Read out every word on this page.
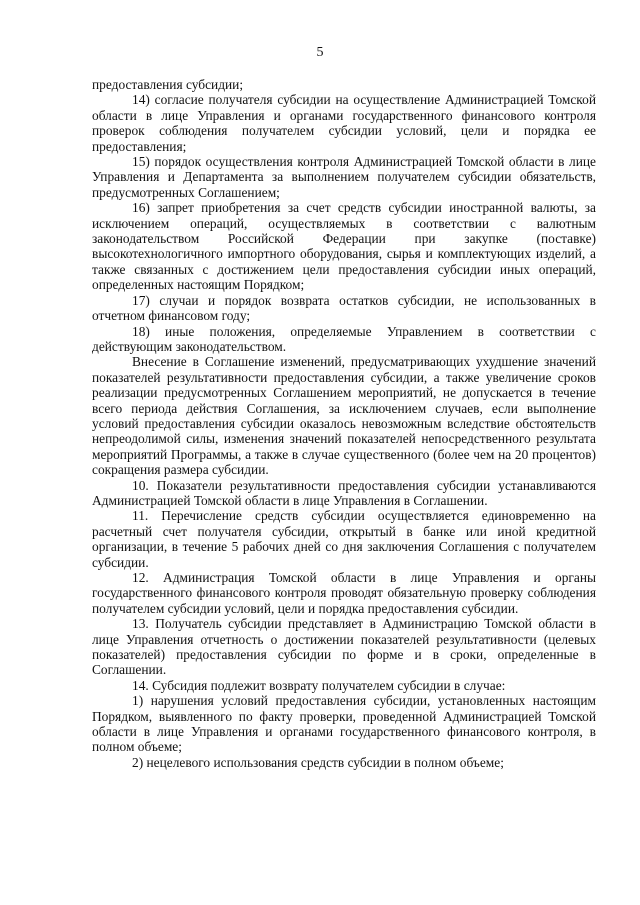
5

предоставления субсидии;

14) согласие получателя субсидии на осуществление Администрацией Томской области в лице Управления и органами государственного финансового контроля проверок соблюдения получателем субсидии условий, цели и порядка ее предоставления;

15) порядок осуществления контроля Администрацией Томской области в лице Управления и Департамента за выполнением получателем субсидии обязательств, предусмотренных Соглашением;

16) запрет приобретения за счет средств субсидии иностранной валюты, за исключением операций, осуществляемых в соответствии с валютным законодательством Российской Федерации при закупке (поставке) высокотехнологичного импортного оборудования, сырья и комплектующих изделий, а также связанных с достижением цели предоставления субсидии иных операций, определенных настоящим Порядком;

17) случаи и порядок возврата остатков субсидии, не использованных в отчетном финансовом году;

18) иные положения, определяемые Управлением в соответствии с действующим законодательством.

Внесение в Соглашение изменений, предусматривающих ухудшение значений показателей результативности предоставления субсидии, а также увеличение сроков реализации предусмотренных Соглашением мероприятий, не допускается в течение всего периода действия Соглашения, за исключением случаев, если выполнение условий предоставления субсидии оказалось невозможным вследствие обстоятельств непреодолимой силы, изменения значений показателей непосредственного результата мероприятий Программы, а также в случае существенного (более чем на 20 процентов) сокращения размера субсидии.

10. Показатели результативности предоставления субсидии устанавливаются Администрацией Томской области в лице Управления в Соглашении.

11. Перечисление средств субсидии осуществляется единовременно на расчетный счет получателя субсидии, открытый в банке или иной кредитной организации, в течение 5 рабочих дней со дня заключения Соглашения с получателем субсидии.

12. Администрация Томской области в лице Управления и органы государственного финансового контроля проводят обязательную проверку соблюдения получателем субсидии условий, цели и порядка предоставления субсидии.

13. Получатель субсидии представляет в Администрацию Томской области в лице Управления отчетность о достижении показателей результативности (целевых показателей) предоставления субсидии по форме и в сроки, определенные в Соглашении.

14. Субсидия подлежит возврату получателем субсидии в случае:

1) нарушения условий предоставления субсидии, установленных настоящим Порядком, выявленного по факту проверки, проведенной Администрацией Томской области в лице Управления и органами государственного финансового контроля, в полном объеме;

2) нецелевого использования средств субсидии в полном объеме;
